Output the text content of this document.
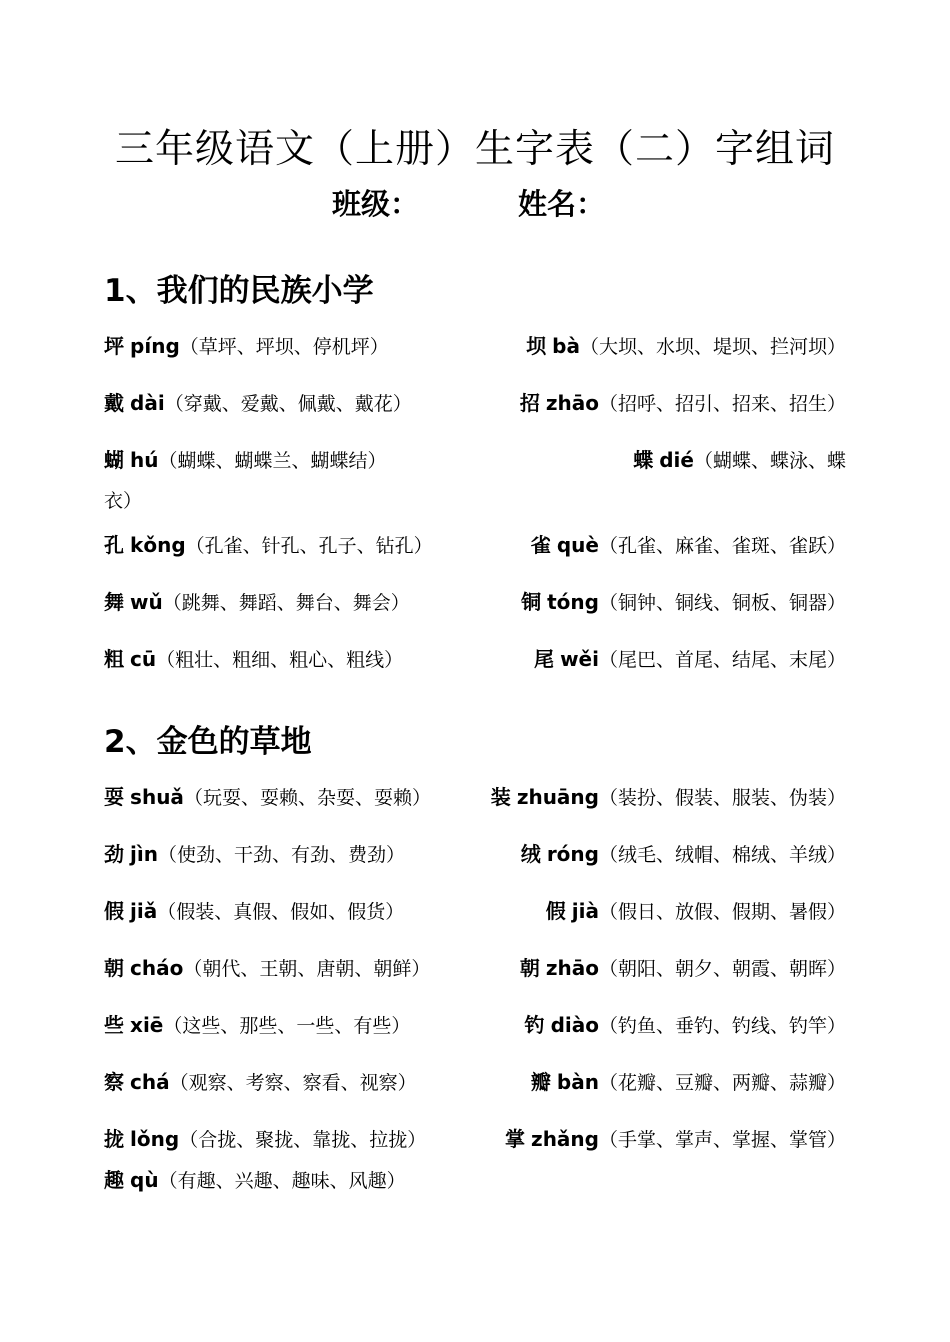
三年级语文（上册）生字表（二）字组词
班级：	姓名：
1、我们的民族小学
坪 píng（草坪、坪坝、停机坪）	坝 bà（大坝、水坝、堤坝、拦河坝）
戴 dài（穿戴、爱戴、佩戴、戴花）	招 zhāo（招呼、招引、招来、招生）
蝴 hú（蝴蝶、蝴蝶兰、蝴蝶结）	蝶 dié（蝴蝶、蝶泳、蝶
衣）
孔 kǒng（孔雀、针孔、孔子、钻孔）	雀 què（孔雀、麻雀、雀斑、雀跃）
舞 wǔ（跳舞、舞蹈、舞台、舞会）	铜 tóng（铜钟、铜线、铜板、铜器）
粗 cū（粗壮、粗细、粗心、粗线）	尾 wěi（尾巴、首尾、结尾、末尾）
2、金色的草地
耍 shuǎ（玩耍、耍赖、杂耍、耍赖）	装 zhuāng（装扮、假装、服装、伪装）
劲 jìn（使劲、干劲、有劲、费劲）	绒 róng（绒毛、绒帽、棉绒、羊绒）
假 jiǎ（假装、真假、假如、假货）	假 jià（假日、放假、假期、暑假）
朝 cháo（朝代、王朝、唐朝、朝鲜）	朝 zhāo（朝阳、朝夕、朝霞、朝晖）
些 xiē（这些、那些、一些、有些）	钓 diào（钓鱼、垂钓、钓线、钓竿）
察 chá（观察、考察、察看、视察）	瓣 bàn（花瓣、豆瓣、两瓣、蒜瓣）
拢 lǒng（合拢、聚拢、靠拢、拉拢）	掌 zhǎng（手掌、掌声、掌握、掌管）
趣 qù（有趣、兴趣、趣味、风趣）
